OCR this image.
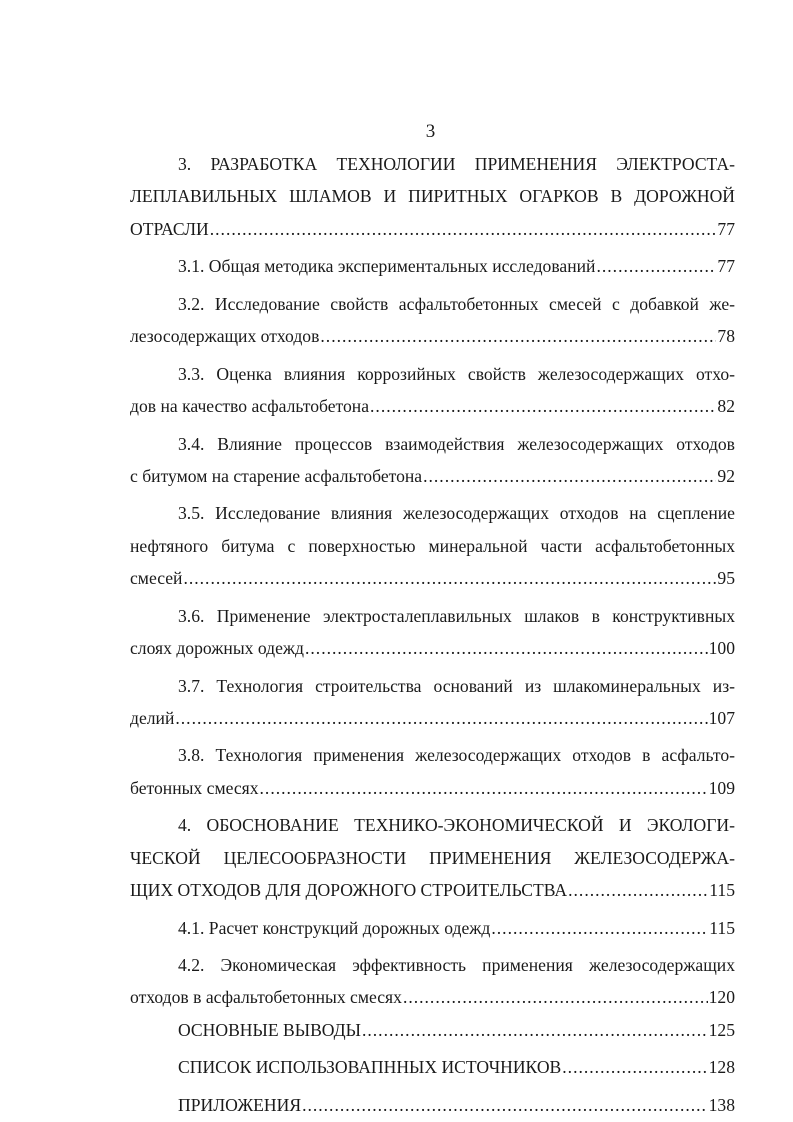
3

3. РАЗРАБОТКА ТЕХНОЛОГИИ ПРИМЕНЕНИЯ ЭЛЕКТРОСТА-
ЛЕПЛАВИЛЬНЫХ ШЛАМОВ И ПИРИТНЫХ ОГАРКОВ В ДОРОЖНОЙ
ОТРАСЛИ .....	77
3.1. Общая методика экспериментальных исследований .....	77
3.2. Исследование свойств асфальтобетонных смесей с добавкой же-
лезосодержащих отходов .....	78
3.3. Оценка влияния коррозийных свойств железосодержащих отхо-
дов на качество асфальтобетона .....	82
3.4. Влияние процессов взаимодействия железосодержащих отходов
с битумом на старение асфальтобетона .....	92
3.5. Исследование влияния железосодержащих отходов на сцепление
нефтяного битума с поверхностью минеральной части асфальтобетонных
смесей .....	95
3.6. Применение электросталеплавильных шлаков в конструктивных
слоях дорожных одежд .....	100
3.7. Технология строительства оснований из шлакоминеральных из-
делий .....	107
3.8. Технология применения железосодержащих отходов в асфальто-
бетонных смесях .....	109
4. ОБОСНОВАНИЕ ТЕХНИКО-ЭКОНОМИЧЕСКОЙ И ЭКОЛОГИ-
ЧЕСКОЙ ЦЕЛЕСООБРАЗНОСТИ ПРИМЕНЕНИЯ ЖЕЛЕЗОСОДЕРЖА-
ЩИХ ОТХОДОВ ДЛЯ ДОРОЖНОГО СТРОИТЕЛЬСТВА .....	115
4.1. Расчет конструкций дорожных одежд .....	115
4.2. Экономическая эффективность применения железосодержащих
отходов в асфальтобетонных смесях .....	120
ОСНОВНЫЕ ВЫВОДЫ .....	125
СПИСОК ИСПОЛЬЗОВАПННЫХ ИСТОЧНИКОВ .....	128
ПРИЛОЖЕНИЯ .....	138
